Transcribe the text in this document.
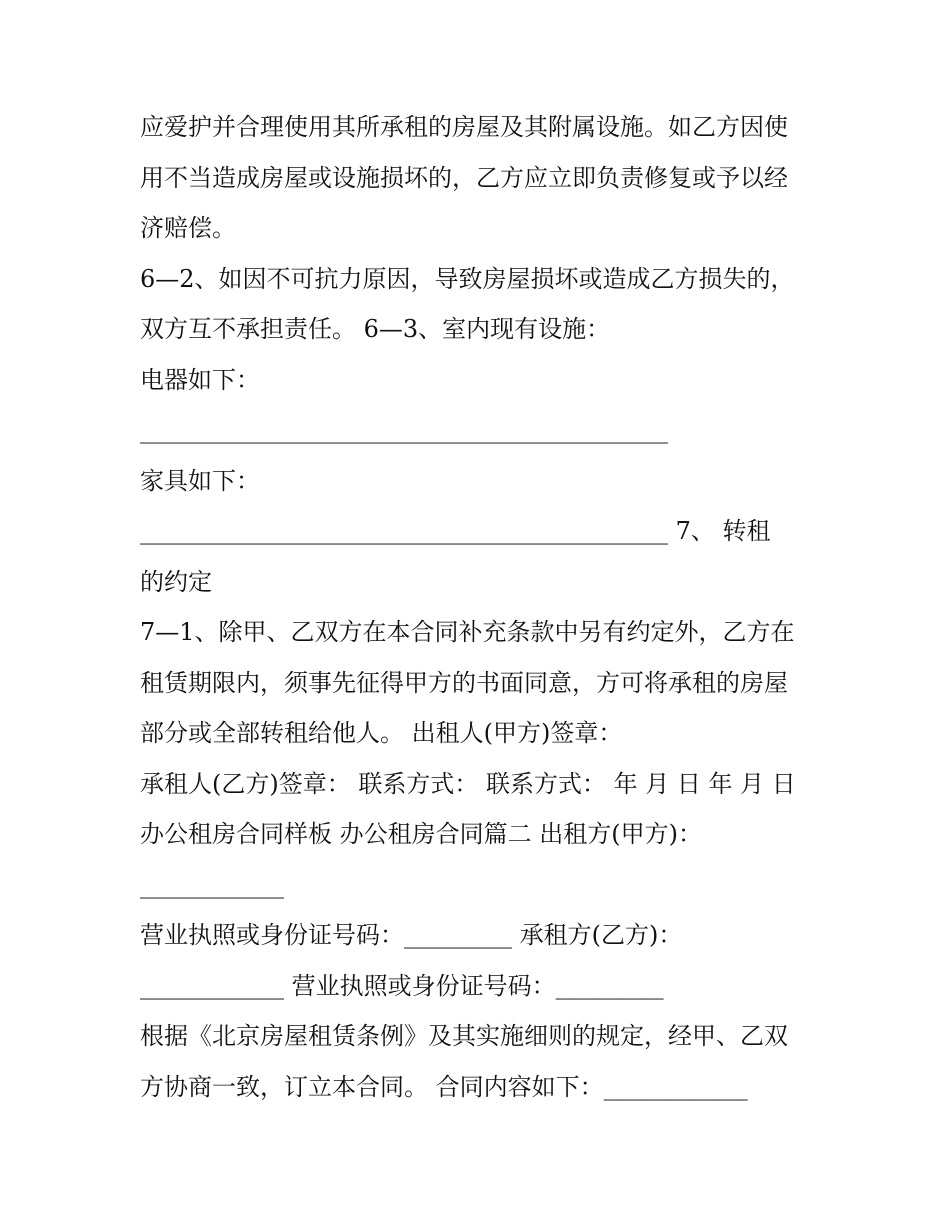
应爱护并合理使用其所承租的房屋及其附属设施。如乙方因使
用不当造成房屋或设施损坏的，乙方应立即负责修复或予以经
济赔偿。
6—2、如因不可抗力原因，导致房屋损坏或造成乙方损失的，
双方互不承担责任。 6—3、室内现有设施：
电器如下：
____________________________________________
家具如下：
____________________________________________ 7、 转租
的约定
7—1、除甲、乙双方在本合同补充条款中另有约定外，乙方在
租赁期限内，须事先征得甲方的书面同意，方可将承租的房屋
部分或全部转租给他人。 出租人(甲方)签章：
承租人(乙方)签章： 联系方式： 联系方式： 年 月 日 年 月 日
办公租房合同样板 办公租房合同篇二 出租方(甲方)：
____________
营业执照或身份证号码：_________ 承租方(乙方)：
____________ 营业执照或身份证号码：_________
根据《北京房屋租赁条例》及其实施细则的规定，经甲、乙双
方协商一致，订立本合同。 合同内容如下：____________
